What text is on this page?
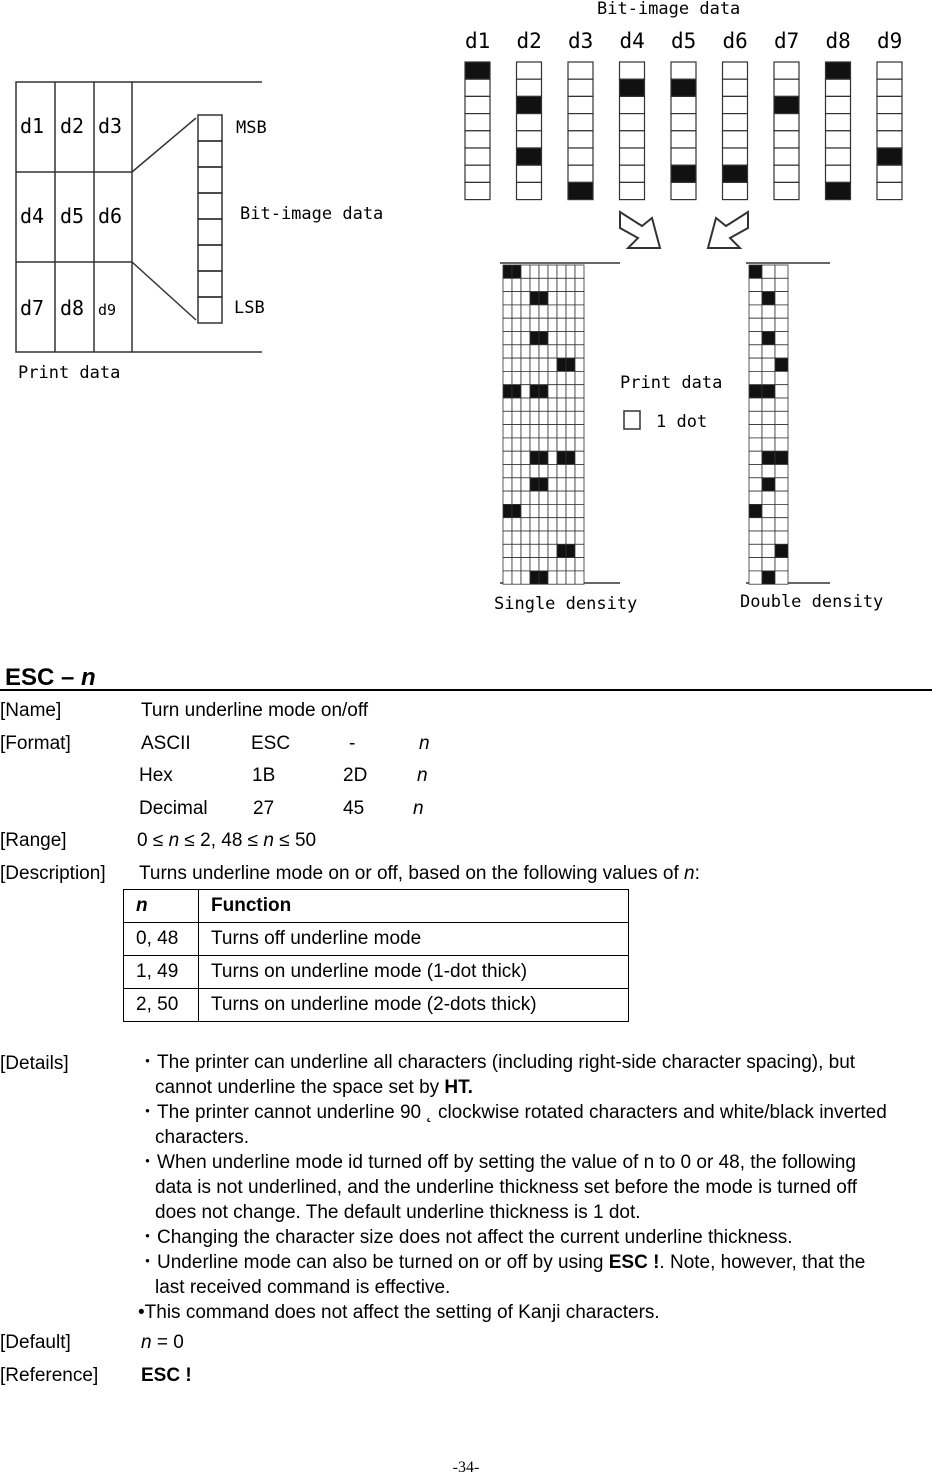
d1 d2 d3
d4 d5 d6
d7 d8 d9
MSB
Bit-image data
LSB
Print data
Bit-image data
d1 d2 d3 d4 d5 d6 d7 d8 d9
Print data
1 dot
Single density	Double density
ESC – n
[Name]	Turn underline mode on/off
[Format]	ASCII	ESC	-	n
Hex	1B	2D	n
Decimal 27	45	n
[Range]	0 ≤ n ≤ 2, 48 ≤ n ≤ 50
[Description] Turns underline mode on or off, based on the following values of n:
n	Function
0, 48	Turns off underline mode
1, 49	Turns on underline mode (1-dot thick)
2, 50	Turns on underline mode (2-dots thick)
[Details]	・The printer can underline all characters (including right-side character spacing), but cannot underline the space set by HT.
・The printer cannot underline 90 ˛ clockwise rotated characters and white/black inverted characters.
・When underline mode id turned off by setting the value of n to 0 or 48, the following data is not underlined, and the underline thickness set before the mode is turned off does not change. The default underline thickness is 1 dot.
・Changing the character size does not affect the current underline thickness.
・Underline mode can also be turned on or off by using ESC !. Note, however, that the last received command is effective.
•This command does not affect the setting of Kanji characters.
[Default]	n = 0
[Reference] ESC !
-34-
